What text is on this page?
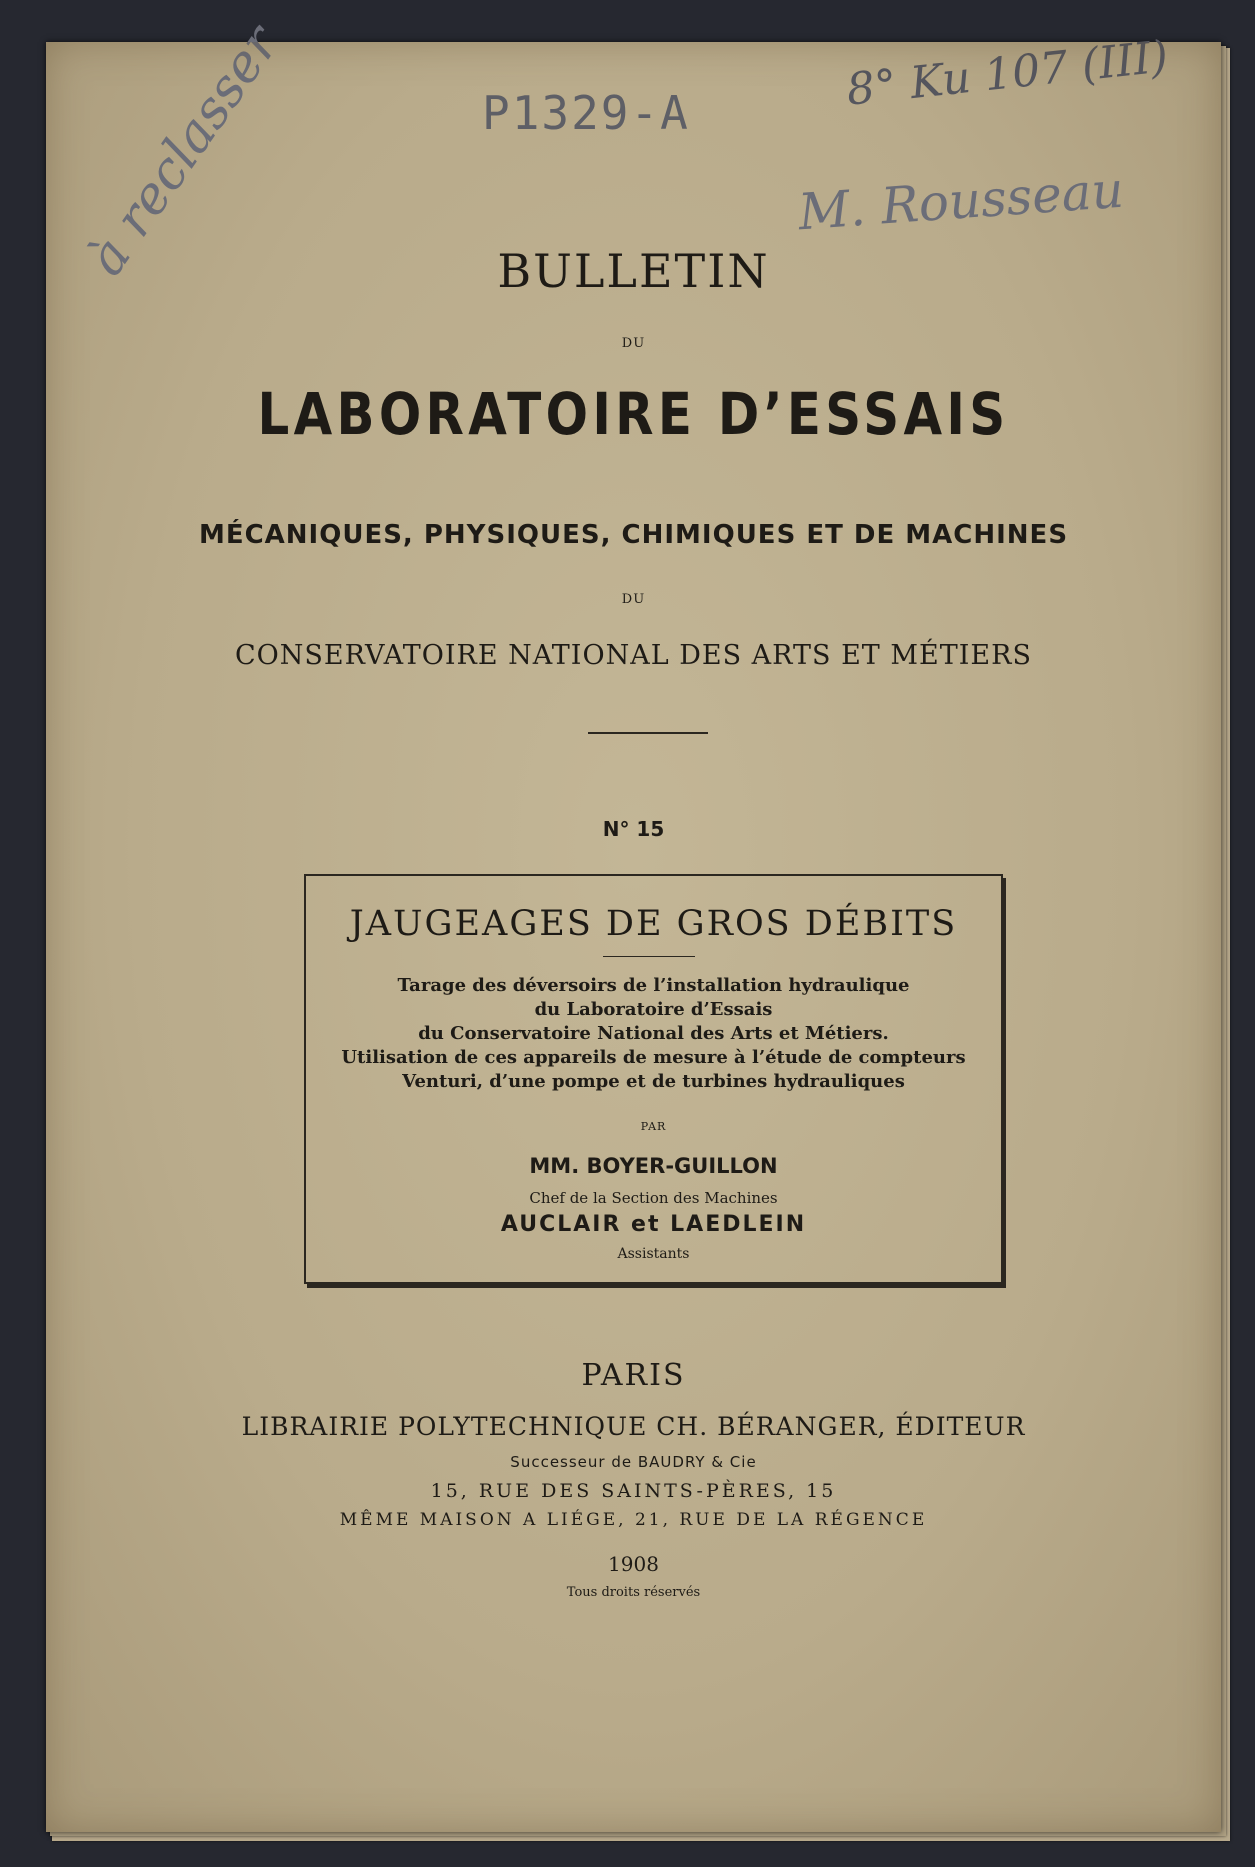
8° Ku 107 (III)
P1329-A
à reclasser	M. Rousseau
BULLETIN
DU
LABORATOIRE D’ESSAIS
MÉCANIQUES, PHYSIQUES, CHIMIQUES ET DE MACHINES
DU
CONSERVATOIRE NATIONAL DES ARTS ET MÉTIERS
N° 15
JAUGEAGES DE GROS DÉBITS
Tarage des déversoirs de l’installation hydraulique
du Laboratoire d’Essais
du Conservatoire National des Arts et Métiers.
Utilisation de ces appareils de mesure à l’étude de compteurs
Venturi, d’une pompe et de turbines hydrauliques
PAR
MM. BOYER-GUILLON
Chef de la Section des Machines
AUCLAIR et LAEDLEIN
Assistants
PARIS
LIBRAIRIE POLYTECHNIQUE CH. BÉRANGER, ÉDITEUR
Successeur de BAUDRY & Cie
15, RUE DES SAINTS-PÈRES, 15
MÊME MAISON A LIÉGE, 21, RUE DE LA RÉGENCE
1908
Tous droits réservés
